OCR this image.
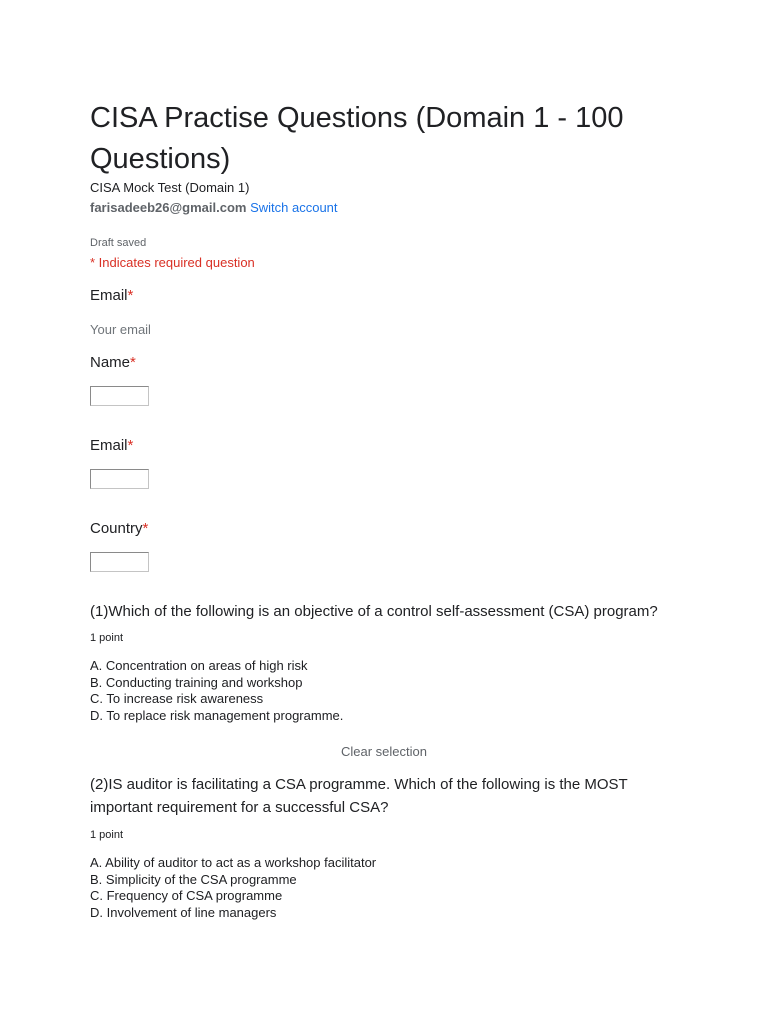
CISA Practise Questions (Domain 1 - 100 Questions)
CISA Mock Test (Domain 1)
farisadeeb26@gmail.com Switch account
Draft saved
* Indicates required question
Email*
Your email
Name*
Email*
Country*
(1)Which of the following is an objective of a control self-assessment (CSA) program?
1 point
A. Concentration on areas of high risk
B. Conducting training and workshop
C. To increase risk awareness
D. To replace risk management programme.
Clear selection
(2)IS auditor is facilitating a CSA programme. Which of the following is the MOST important requirement for a successful CSA?
1 point
A. Ability of auditor to act as a workshop facilitator
B. Simplicity of the CSA programme
C. Frequency of CSA programme
D. Involvement of line managers
